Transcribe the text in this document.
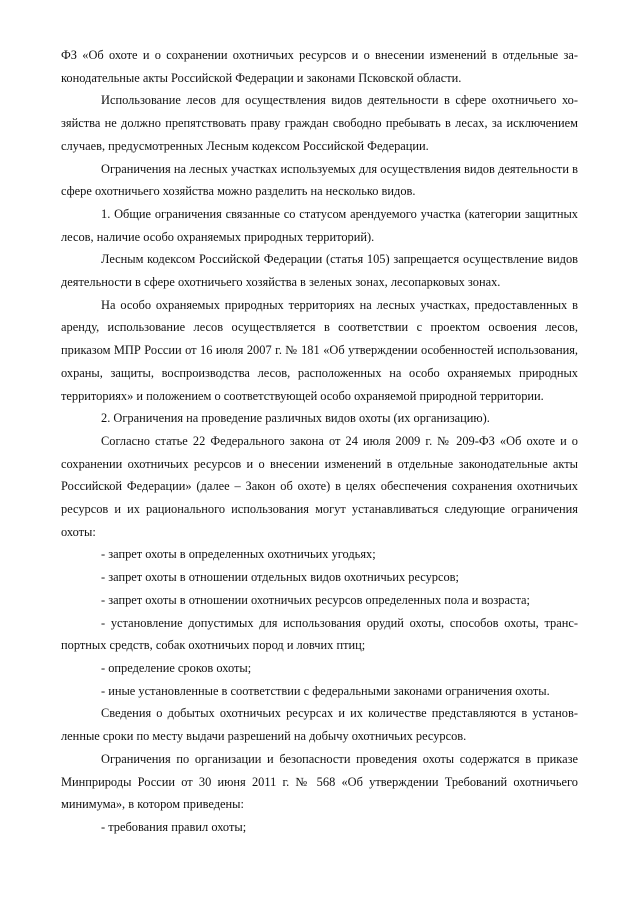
ФЗ «Об охоте и о сохранении охотничьих ресурсов и о внесении изменений в отдельные законодательные акты Российской Федерации и законами Псковской области.

Использование лесов для осуществления видов деятельности в сфере охотничьего хозяйства не должно препятствовать праву граждан свободно пребывать в лесах, за исключением случаев, предусмотренных Лесным кодексом Российской Федерации.

Ограничения на лесных участках используемых для осуществления видов деятельности в сфере охотничьего хозяйства можно разделить на несколько видов.

1. Общие ограничения связанные со статусом арендуемого участка (категории защитных лесов, наличие особо охраняемых природных территорий).

Лесным кодексом Российской Федерации (статья 105) запрещается осуществление видов деятельности в сфере охотничьего хозяйства в зеленых зонах, лесопарковых зонах.

На особо охраняемых природных территориях на лесных участках, предоставленных в аренду, использование лесов осуществляется в соответствии с проектом освоения лесов, приказом МПР России от 16 июля 2007 г. № 181 «Об утверждении особенностей использования, охраны, защиты, воспроизводства лесов, расположенных на особо охраняемых природных территориях» и положением о соответствующей особо охраняемой природной территории.

2. Ограничения на проведение различных видов охоты (их организацию).

Согласно статье 22 Федерального закона от 24 июля 2009 г. № 209-ФЗ «Об охоте и о сохранении охотничьих ресурсов и о внесении изменений в отдельные законодательные акты Российской Федерации» (далее – Закон об охоте) в целях обеспечения сохранения охотничьих ресурсов и их рационального использования могут устанавливаться следующие ограничения охоты:

- запрет охоты в определенных охотничьих угодьях;

- запрет охоты в отношении отдельных видов охотничьих ресурсов;

- запрет охоты в отношении охотничьих ресурсов определенных пола и возраста;

- установление допустимых для использования орудий охоты, способов охоты, транспортных средств, собак охотничьих пород и ловчих птиц;

- определение сроков охоты;

- иные установленные в соответствии с федеральными законами ограничения охоты.

Сведения о добытых охотничьих ресурсах и их количестве представляются в установленные сроки по месту выдачи разрешений на добычу охотничьих ресурсов.

Ограничения по организации и безопасности проведения охоты содержатся в приказе Минприроды России от 30 июня 2011 г. № 568 «Об утверждении Требований охотничьего минимума», в котором приведены:

- требования правил охоты;
